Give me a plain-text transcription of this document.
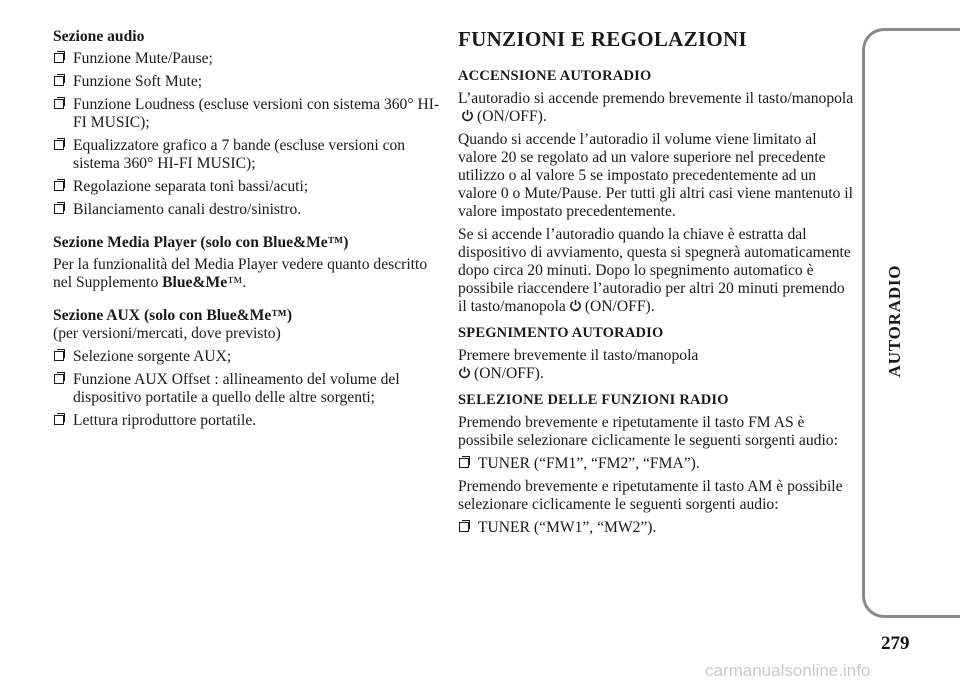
Sezione audio
Funzione Mute/Pause;
Funzione Soft Mute;
Funzione Loudness (escluse versioni con sistema 360° HI-FI MUSIC);
Equalizzatore grafico a 7 bande (escluse versioni con sistema 360° HI-FI MUSIC);
Regolazione separata toni bassi/acuti;
Bilanciamento canali destro/sinistro.
Sezione Media Player (solo con Blue&Me™)
Per la funzionalità del Media Player vedere quanto descritto nel Supplemento Blue&Me™.
Sezione AUX (solo con Blue&Me™)
(per versioni/mercati, dove previsto)
Selezione sorgente AUX;
Funzione AUX Offset : allineamento del volume del dispositivo portatile a quello delle altre sorgenti;
Lettura riproduttore portatile.
FUNZIONI E REGOLAZIONI
ACCENSIONE AUTORADIO
L’autoradio si accende premendo brevemente il tasto/manopola(ON/OFF).
Quando si accende l’autoradio il volume viene limitato al valore 20 se regolato ad un valore superiore nel precedente utilizzo o al valore 5 se impostato precedentemente ad un valore 0 o Mute/Pause. Per tutti gli altri casi viene mantenuto il valore impostato precedentemente.
Se si accende l’autoradio quando la chiave è estratta dal dispositivo di avviamento, questa si spegnerà automaticamente dopo circa 20 minuti. Dopo lo spegnimento automatico è possibile riaccendere l’autoradio per altri 20 minuti premendo il tasto/manopola (ON/OFF).
SPEGNIMENTO AUTORADIO
Premere brevemente il tasto/manopola
(ON/OFF).
SELEZIONE DELLE FUNZIONI RADIO
Premendo brevemente e ripetutamente il tasto FM AS è possibile selezionare ciclicamente le seguenti sorgenti audio:
TUNER (“FM1”, “FM2”, “FMA”).
Premendo brevemente e ripetutamente il tasto AM è possibile selezionare ciclicamente le seguenti sorgenti audio:
TUNER (“MW1”, “MW2”).
AUTORADIO
279
carmanualsonline.info
